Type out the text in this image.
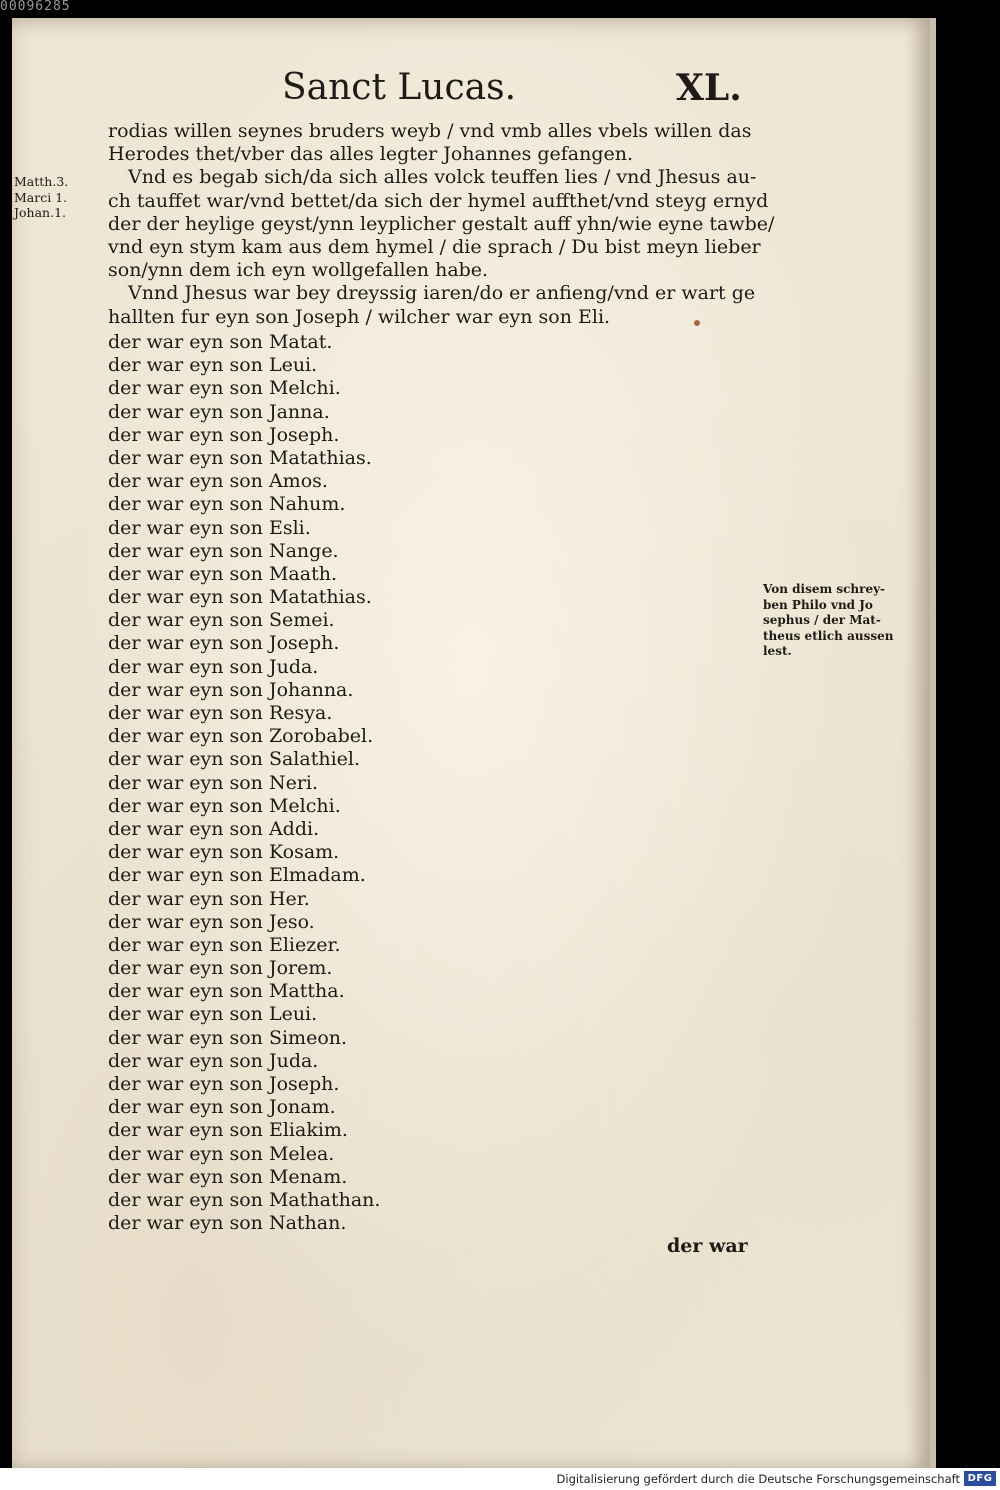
00096285
Sanct Lucas.	XL.
Matth.3.
Marci 1.
Johan.1.
rodias willen seynes bruders weyb / vnd vmb alles vbels willen das
Herodes thet/vber das alles legter Johannes gefangen.
Vnd es begab sich/da sich alles volck teuffen lies / vnd Jhesus au-
ch tauffet war/vnd bettet/da sich der hymel auffthet/vnd steyg ernyd
der der heylige geyst/ynn leyplicher gestalt auff yhn/wie eyne tawbe/
vnd eyn stym kam aus dem hymel / die sprach / Du bist meyn lieber
son/ynn dem ich eyn wollgefallen habe.
Vnnd Jhesus war bey dreyssig iaren/do er anfieng/vnd er wart ge
hallten fur eyn son Joseph / wilcher war eyn son Eli.
der war eyn son Matat.
der war eyn son Leui.
der war eyn son Melchi.
der war eyn son Janna.
der war eyn son Joseph.
der war eyn son Matathias.
der war eyn son Amos.
der war eyn son Nahum.
der war eyn son Esli.
der war eyn son Nange.
der war eyn son Maath.
der war eyn son Matathias.
der war eyn son Semei.
der war eyn son Joseph.
der war eyn son Juda.
der war eyn son Johanna.
der war eyn son Resya.
der war eyn son Zorobabel.
der war eyn son Salathiel.
der war eyn son Neri.
der war eyn son Melchi.
der war eyn son Addi.
der war eyn son Kosam.
der war eyn son Elmadam.
der war eyn son Her.
der war eyn son Jeso.
der war eyn son Eliezer.
der war eyn son Jorem.
der war eyn son Mattha.
der war eyn son Leui.
der war eyn son Simeon.
der war eyn son Juda.
der war eyn son Joseph.
der war eyn son Jonam.
der war eyn son Eliakim.
der war eyn son Melea.
der war eyn son Menam.
der war eyn son Mathathan.
der war eyn son Nathan.
Von disem schrey-
ben Philo vnd Jo
sephus / der Mat-
theus etlich aussen
lest.
der war
Digitalisierung gefördert durch die Deutsche Forschungsgemeinschaft DFG
